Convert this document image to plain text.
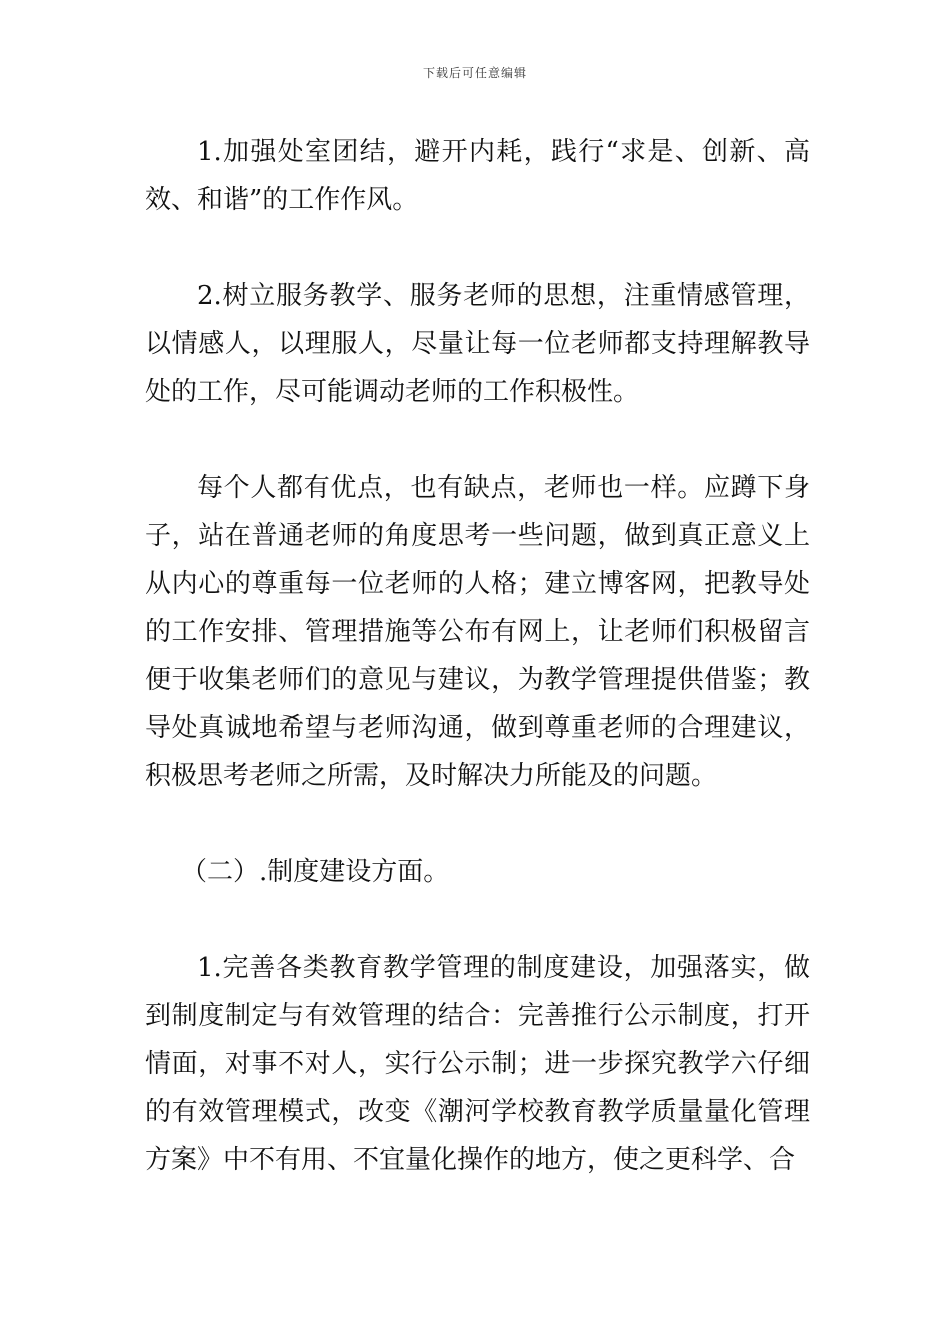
下载后可任意编辑

1.加强处室团结，避开内耗，践行“求是、创新、高效、和谐”的工作作风。

2.树立服务教学、服务老师的思想，注重情感管理，以情感人，以理服人，尽量让每一位老师都支持理解教导处的工作，尽可能调动老师的工作积极性。

每个人都有优点，也有缺点，老师也一样。应蹲下身子，站在普通老师的角度思考一些问题，做到真正意义上从内心的尊重每一位老师的人格；建立博客网，把教导处的工作安排、管理措施等公布有网上，让老师们积极留言便于收集老师们的意见与建议，为教学管理提供借鉴；教导处真诚地希望与老师沟通，做到尊重老师的合理建议，积极思考老师之所需，及时解决力所能及的问题。

（二）.制度建设方面。

1.完善各类教育教学管理的制度建设，加强落实，做到制度制定与有效管理的结合：完善推行公示制度，打开情面，对事不对人，实行公示制；进一步探究教学六仔细的有效管理模式，改变《潮河学校教育教学质量量化管理方案》中不有用、不宜量化操作的地方，使之更科学、合
